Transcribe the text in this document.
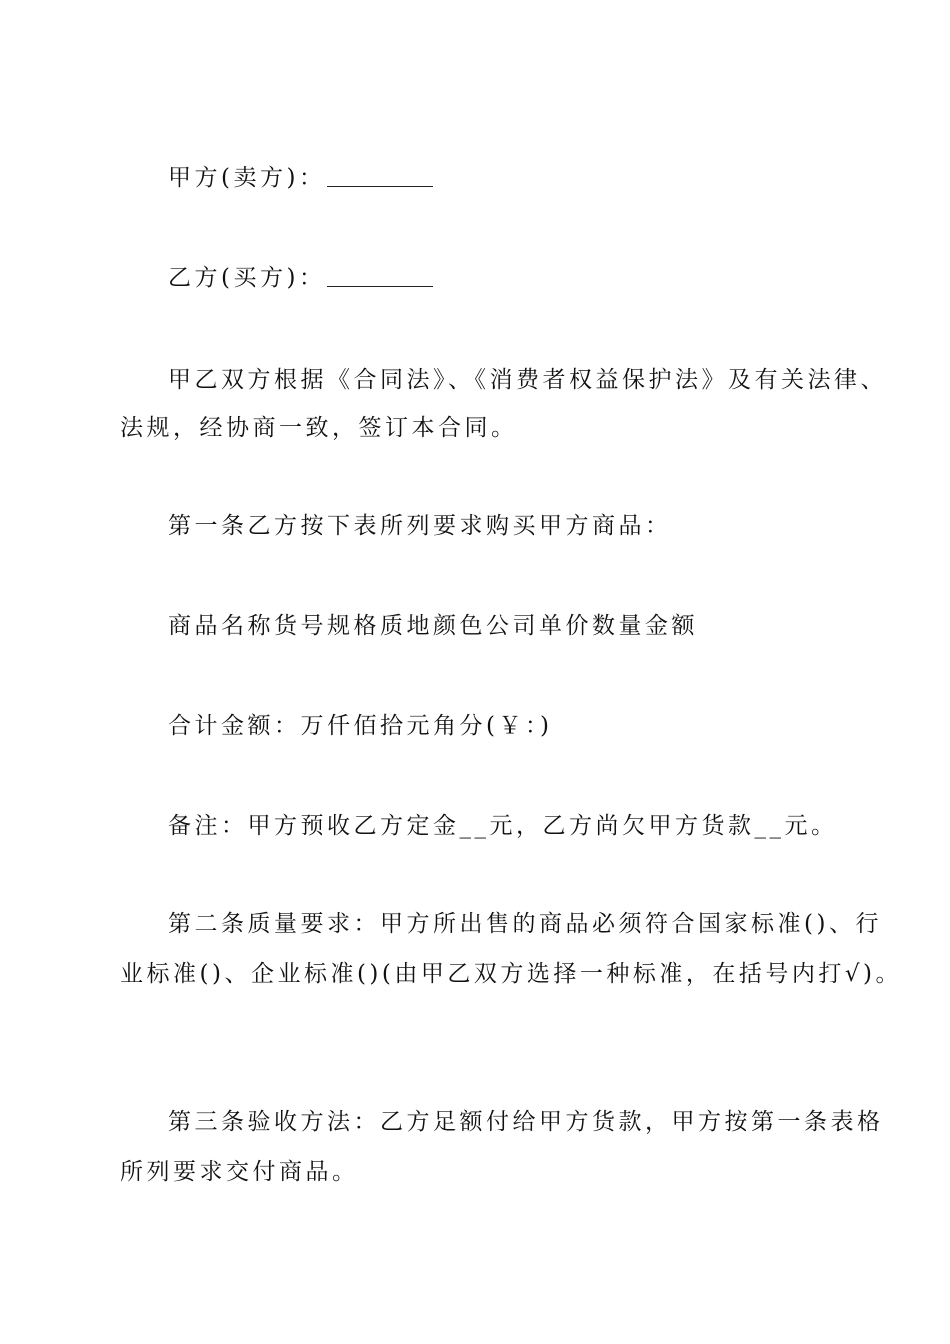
甲方(卖方)：
乙方(买方)：
甲乙双方根据《合同法》、《消费者权益保护法》及有关法律、
法规，经协商一致，签订本合同。
第一条乙方按下表所列要求购买甲方商品：
商品名称货号规格质地颜色公司单价数量金额
合计金额：万仟佰拾元角分(￥：)
备注：甲方预收乙方定金__元，乙方尚欠甲方货款__元。
第二条质量要求：甲方所出售的商品必须符合国家标准()、行
业标准()、企业标准()(由甲乙双方选择一种标准，在括号内打√)。
第三条验收方法：乙方足额付给甲方货款，甲方按第一条表格
所列要求交付商品。
